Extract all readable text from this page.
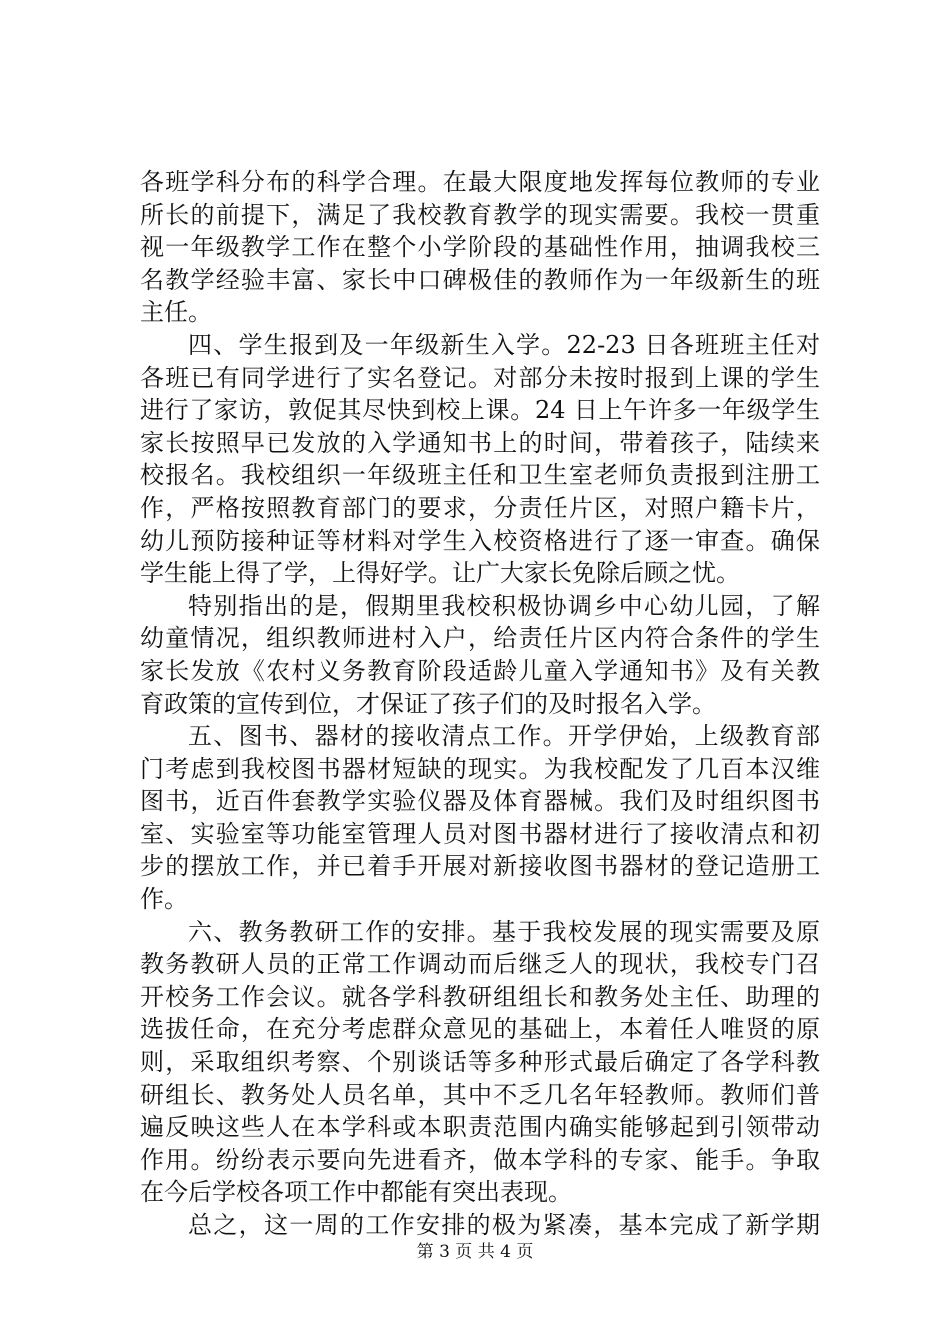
各班学科分布的科学合理。在最大限度地发挥每位教师的专业
所长的前提下，满足了我校教育教学的现实需要。我校一贯重
视一年级教学工作在整个小学阶段的基础性作用，抽调我校三
名教学经验丰富、家长中口碑极佳的教师作为一年级新生的班
主任。
四、学生报到及一年级新生入学。22-23 日各班班主任对
各班已有同学进行了实名登记。对部分未按时报到上课的学生
进行了家访，敦促其尽快到校上课。24 日上午许多一年级学生
家长按照早已发放的入学通知书上的时间，带着孩子，陆续来
校报名。我校组织一年级班主任和卫生室老师负责报到注册工
作，严格按照教育部门的要求，分责任片区，对照户籍卡片，
幼儿预防接种证等材料对学生入校资格进行了逐一审查。确保
学生能上得了学，上得好学。让广大家长免除后顾之忧。
特别指出的是，假期里我校积极协调乡中心幼儿园，了解
幼童情况，组织教师进村入户，给责任片区内符合条件的学生
家长发放《农村义务教育阶段适龄儿童入学通知书》及有关教
育政策的宣传到位，才保证了孩子们的及时报名入学。
五、图书、器材的接收清点工作。开学伊始，上级教育部
门考虑到我校图书器材短缺的现实。为我校配发了几百本汉维
图书，近百件套教学实验仪器及体育器械。我们及时组织图书
室、实验室等功能室管理人员对图书器材进行了接收清点和初
步的摆放工作，并已着手开展对新接收图书器材的登记造册工
作。
六、教务教研工作的安排。基于我校发展的现实需要及原
教务教研人员的正常工作调动而后继乏人的现状，我校专门召
开校务工作会议。就各学科教研组组长和教务处主任、助理的
选拔任命，在充分考虑群众意见的基础上，本着任人唯贤的原
则，采取组织考察、个别谈话等多种形式最后确定了各学科教
研组长、教务处人员名单，其中不乏几名年轻教师。教师们普
遍反映这些人在本学科或本职责范围内确实能够起到引领带动
作用。纷纷表示要向先进看齐，做本学科的专家、能手。争取
在今后学校各项工作中都能有突出表现。
总之，这一周的工作安排的极为紧凑，基本完成了新学期
第 3 页 共 4 页
